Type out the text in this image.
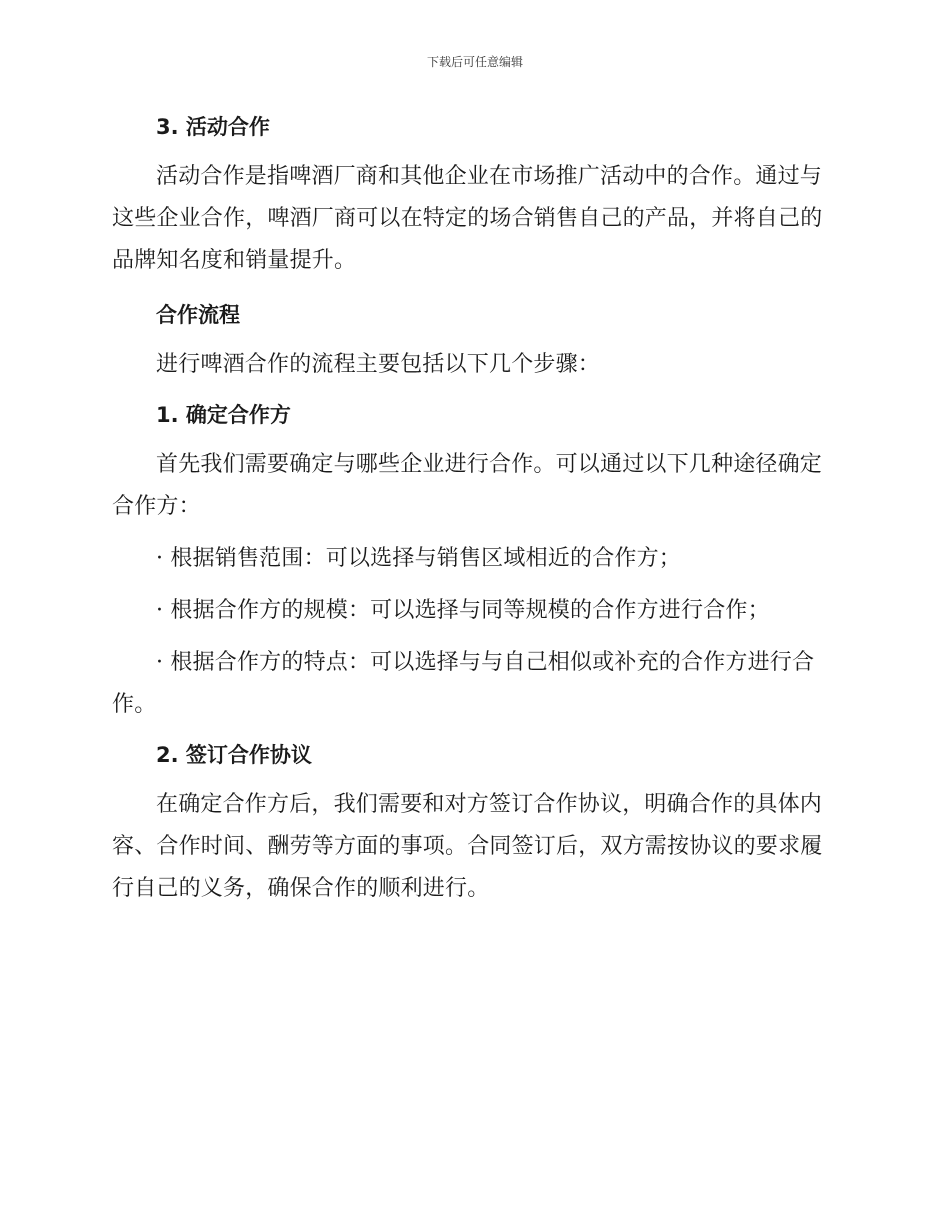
下载后可任意编辑
3. 活动合作

活动合作是指啤酒厂商和其他企业在市场推广活动中的合作。通过与这些企业合作，啤酒厂商可以在特定的场合销售自己的产品，并将自己的品牌知名度和销量提升。

合作流程

进行啤酒合作的流程主要包括以下几个步骤：

1. 确定合作方

首先我们需要确定与哪些企业进行合作。可以通过以下几种途径确定合作方：

· 根据销售范围：可以选择与销售区域相近的合作方；

· 根据合作方的规模：可以选择与同等规模的合作方进行合作；

· 根据合作方的特点：可以选择与与自己相似或补充的合作方进行合作。

2. 签订合作协议

在确定合作方后，我们需要和对方签订合作协议，明确合作的具体内容、合作时间、酬劳等方面的事项。合同签订后，双方需按协议的要求履行自己的义务，确保合作的顺利进行。
